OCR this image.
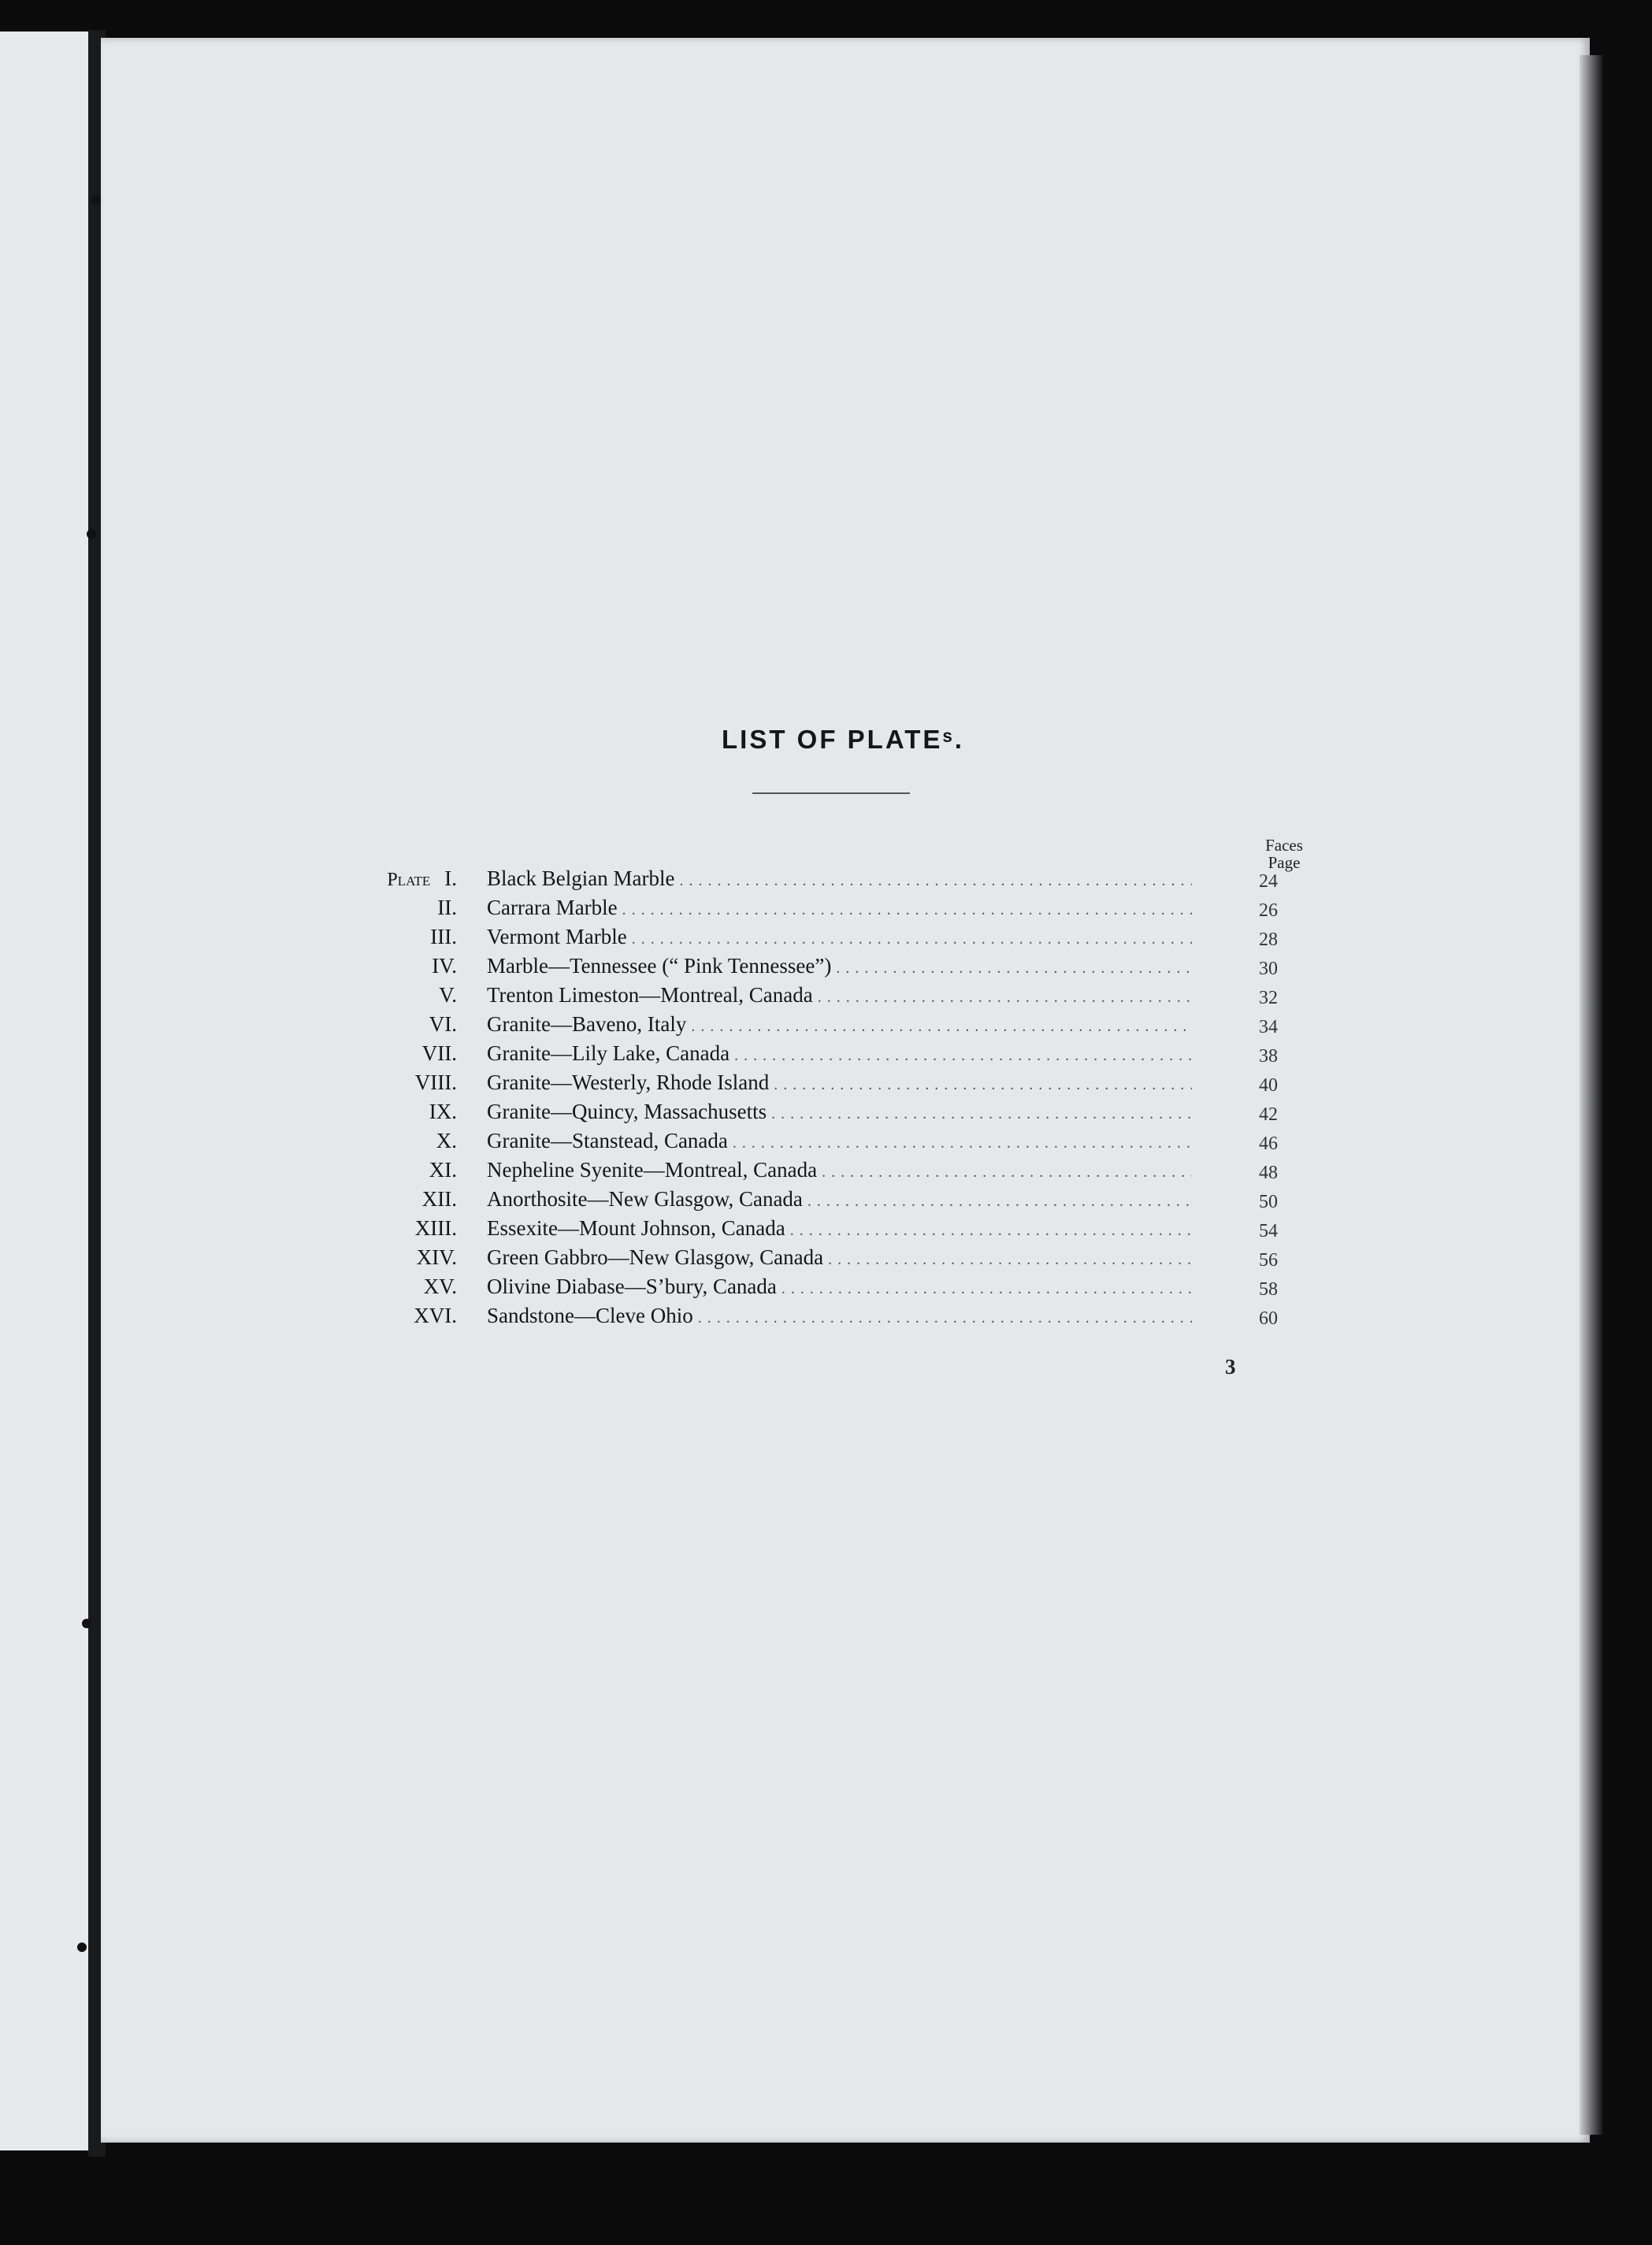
LIST OF PLATEˢ.
Faces
Page
Plate I. Black Belgian Marble . . .	24
II. Carrara Marble . . .	26
III. Vermont Marble . . .	28
IV. Marble—Tennessee (“ Pink Tennessee”) . . .	30
V. Trenton Limeston—Montreal, Canada . . .	32
VI. Granite—Baveno, Italy . . .	34
VII. Granite—Lily Lake, Canada . . .	38
VIII. Granite—Westerly, Rhode Island . . .	40
IX. Granite—Quincy, Massachusetts . . .	42
X. Granite—Stanstead, Canada . . .	46
XI. Nepheline Syenite—Montreal, Canada . . .	48
XII. Anorthosite—New Glasgow, Canada . . .	50
XIII. Essexite—Mount Johnson, Canada . . .	54
XIV. Green Gabbro—New Glasgow, Canada . . .	56
XV. Olivine Diabase—S’bury, Canada . . .	58
XVI. Sandstone—Cleve Ohio . . .	60
3
